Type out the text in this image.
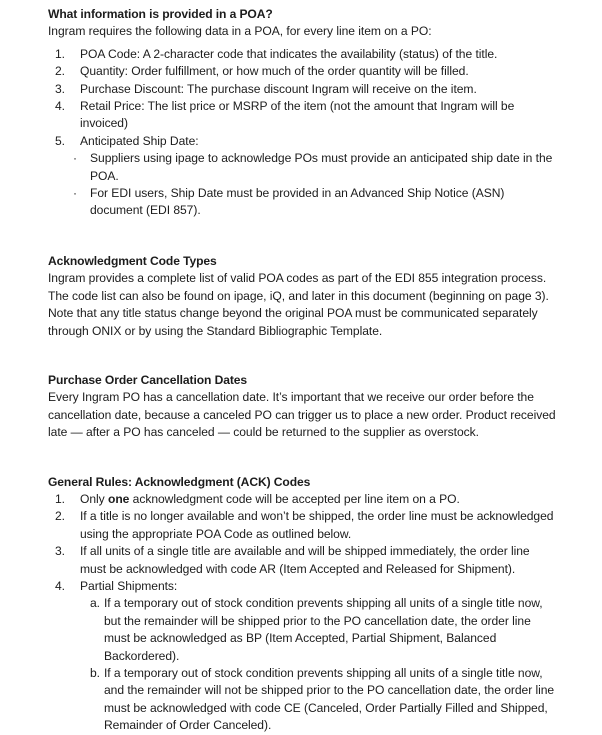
What information is provided in a POA?

Ingram requires the following data in a POA, for every line item on a PO:

1.	POA Code: A 2-character code that indicates the availability (status) of the title.
2.	Quantity: Order fulfillment, or how much of the order quantity will be filled.
3.	Purchase Discount: The purchase discount Ingram will receive on the item.
4.	Retail Price: The list price or MSRP of the item (not the amount that Ingram will be invoiced)
5.	Anticipated Ship Date:
· Suppliers using ipage to acknowledge POs must provide an anticipated ship date in the POA.
· For EDI users, Ship Date must be provided in an Advanced Ship Notice (ASN) document (EDI 857).
Acknowledgment Code Types

Ingram provides a complete list of valid POA codes as part of the EDI 855 integration process. The code list can also be found on ipage, iQ, and later in this document (beginning on page 3). Note that any title status change beyond the original POA must be communicated separately through ONIX or by using the Standard Bibliographic Template.

Purchase Order Cancellation Dates

Every Ingram PO has a cancellation date. It’s important that we receive our order before the cancellation date, because a canceled PO can trigger us to place a new order. Product received late — after a PO has canceled — could be returned to the supplier as overstock.

General Rules: Acknowledgment (ACK) Codes
1.	Only one acknowledgment code will be accepted per line item on a PO.
2.	If a title is no longer available and won’t be shipped, the order line must be acknowledged using the appropriate POA Code as outlined below.
3.	If all units of a single title are available and will be shipped immediately, the order line must be acknowledged with code AR (Item Accepted and Released for Shipment).
4.	Partial Shipments:
a. If a temporary out of stock condition prevents shipping all units of a single title now, but the remainder will be shipped prior to the PO cancellation date, the order line must be acknowledged as BP (Item Accepted, Partial Shipment, Balanced Backordered).
b. If a temporary out of stock condition prevents shipping all units of a single title now, and the remainder will not be shipped prior to the PO cancellation date, the order line must be acknowledged with code CE (Canceled, Order Partially Filled and Shipped, Remainder of Order Canceled).
